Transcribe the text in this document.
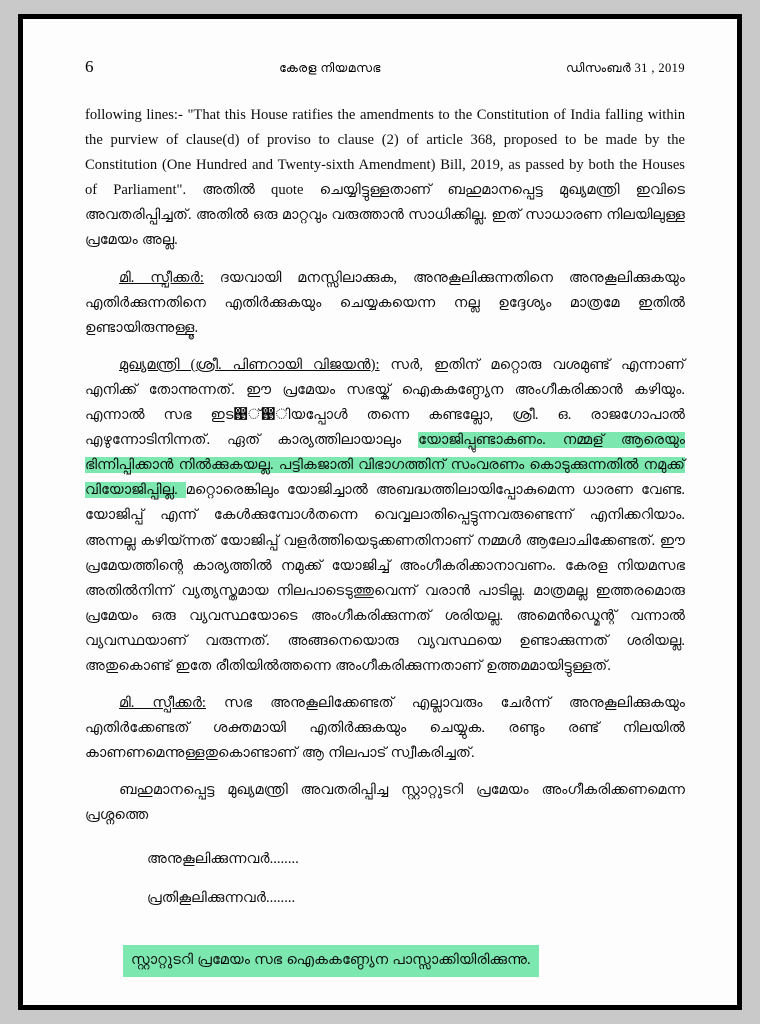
6	കേരള നിയമസഭ	ഡിസംബർ 31 , 2019

following lines:- "That this House ratifies the amendments to the Constitution of India falling within the purview of clause(d) of proviso to clause (2) of article 368, proposed to be made by the Constitution (One Hundred and Twenty-sixth Amendment) Bill, 2019, as passed by both the Houses of Parliament". അതിൽ quote ചെയ്യിട്ടുള്ളതാണ് ബഹുമാനപ്പെട്ട മുഖ്യമന്ത്രി ഇവിടെ അവതരിപ്പിച്ചത്. അതിൽ ഒരു മാറ്റവും വരുത്താൻ സാധിക്കില്ല. ഇത് സാധാരണ നിലയിലുള്ള പ്രമേയം അല്ല.

മി. സ്പീക്കർ: ദയവായി മനസ്സിലാക്കുക, അനുകൂലിക്കുന്നതിനെ അനുകൂലിക്കുകയും എതിർക്കുന്നതിനെ എതിർക്കുകയും ചെയ്യകയെന്ന നല്ല ഉദ്ദേശ്യം മാത്രമേ ഇതിൽ ഉണ്ടായിരുന്നുള്ളൂ.

മുഖ്യമന്ത്രി (ശ്രീ. പിണറായി വിജയൻ): സർ, ഇതിന് മറ്റൊരു വശമുണ്ട് എന്നാണ് എനിക്ക് തോന്നുന്നത്. ഈ പ്രമേയം സഭയ്ക് ഐകകണ്ഠ്യേന അംഗീകരിക്കാൻ കഴിയും. എന്നാൽ സഭ ഇട඙്඙ിയപ്പോൾ തന്നെ കണ്ടല്ലോ, ശ്രീ. ഒ. രാജഗോപാൽ എഴുന്നോടിനിന്നത്. ഏത് കാര്യത്തിലായാലും യോജിപ്പുണ്ടാകണം. നമ്മള് ആരെയും ഭിന്നിപ്പിക്കാൻ നിൽക്കുകയല്ല. പട്ടികജാതി വിഭാഗത്തിന് സംവരണം കൊടുക്കുന്നതിൽ നമുക്ക് വിയോജിപ്പില്ല. മറ്റൊരെങ്കിലും യോജിച്ചാൽ അബദ്ധത്തിലായിപ്പോകുമെന്ന ധാരണ വേണ്ട. യോജിപ്പ് എന്ന് കേൾക്കുമ്പോൾതന്നെ വെവ്വലാതിപ്പെട്ടുന്നവരുണ്ടെന്ന് എനിക്കറിയാം. അന്നല്ല കഴിയ്ന്നത് യോജിപ്പ് വളർത്തിയെടുക്കണതിനാണ് നമ്മൾ ആലോചിക്കേണ്ടത്. ഈ പ്രമേയത്തിന്റെ കാര്യത്തിൽ നമുക്ക് യോജിച്ച് അംഗീകരിക്കാനാവണം. കേരള നിയമസഭ അതിൽനിന്ന് വ്യത്യസ്തമായ നിലപാടെടുത്തുവെന്ന് വരാൻ പാടില്ല. മാത്രമല്ല ഇത്തരമൊരു പ്രമേയം ഒരു വ്യവസ്ഥയോടെ അംഗീകരിക്കുന്നത് ശരിയല്ല. അമെൻഡ്മെന്റ് വന്നാൽ വ്യവസ്ഥയാണ് വരുന്നത്. അങ്ങനെയൊരു വ്യവസ്ഥയെ ഉണ്ടാക്കുന്നത് ശരിയല്ല. അതുകൊണ്ട് ഇതേ രീതിയിൽത്തന്നെ അംഗീകരിക്കുന്നതാണ് ഉത്തമമായിട്ടുള്ളത്.

മി. സ്പീക്കർ: സഭ അനുകൂലിക്കേണ്ടത് എല്ലാവരും ചേർന്ന് അനുകൂലിക്കുകയും എതിർക്കേണ്ടത് ശക്തമായി എതിർക്കുകയും ചെയ്യുക. രണ്ടും രണ്ട് നിലയിൽ കാണണമെന്നുള്ളതുകൊണ്ടാണ് ആ നിലപാട് സ്വീകരിച്ചത്.

ബഹുമാനപ്പെട്ട മുഖ്യമന്ത്രി അവതരിപ്പിച്ച സ്റ്റാറ്റുടറി പ്രമേയം അംഗീകരിക്കണമെന്ന പ്രശ്നത്തെ

അനുകൂലിക്കുന്നവർ........

പ്രതികൂലിക്കുന്നവർ........

സ്റ്റാറ്റുടറി പ്രമേയം സഭ ഐകകണ്ഠ്യേന പാസ്സാക്കിയിരിക്കുന്നു.
